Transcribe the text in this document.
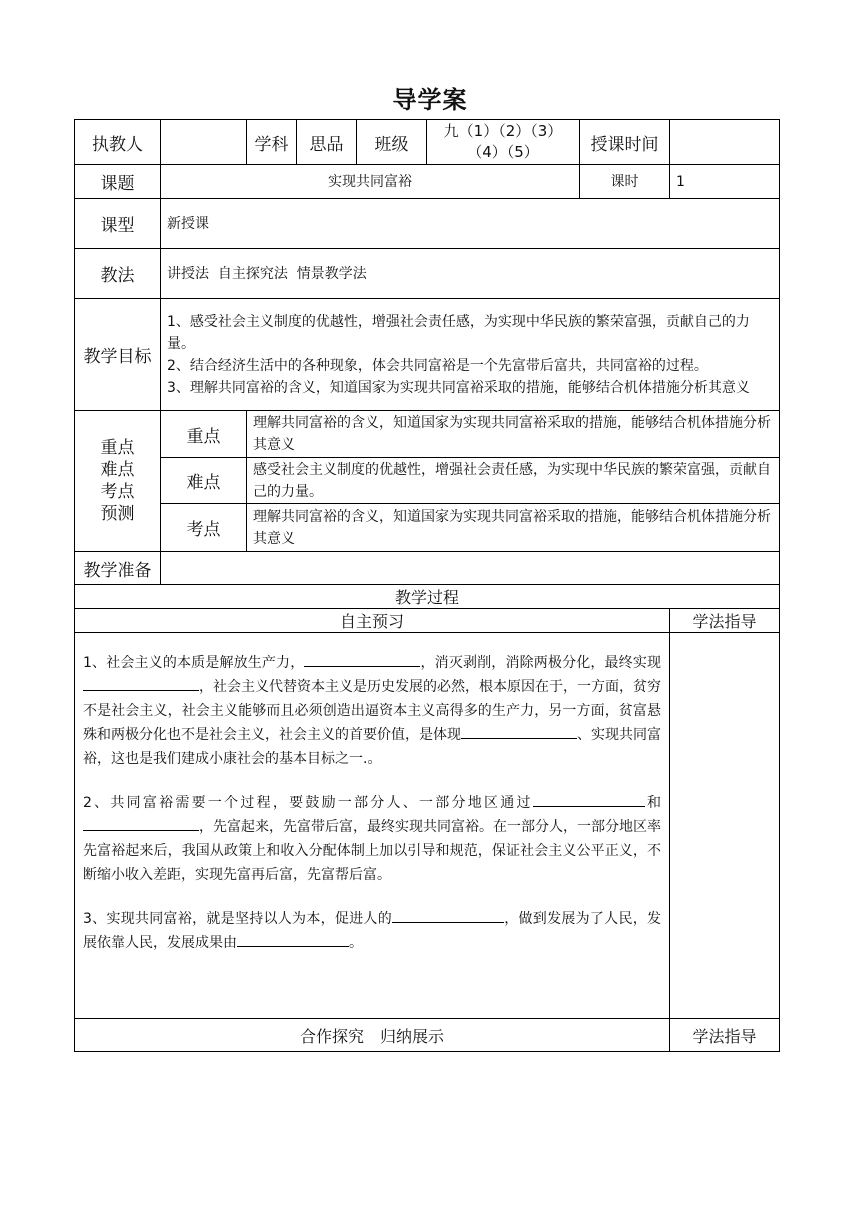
导学案
执教人		学科	思品	班级	九（1）（2）（3）
（4）（5）	授课时间	
课题	实现共同富裕					课时	1
课型	新授课						
教法	讲授法  自主探究法  情景教学法						
教学目标	1、感受社会主义制度的优越性，增强社会责任感，为实现中华民族的繁荣富强，贡献自己的力量。
2、结合经济生活中的各种现象，体会共同富裕是一个先富带后富共，共同富裕的过程。
3、理解共同富裕的含义，知道国家为实现共同富裕采取的措施，能够结合机体措施分析其意义						

重点
难点
考点
预测	重点	理解共同富裕的含义，知道国家为实现共同富裕采取的措施，能够结合机体措施分析其意义					
	难点	感受社会主义制度的优越性，增强社会责任感，为实现中华民族的繁荣富强，贡献自己的力量。					
	考点	理解共同富裕的含义，知道国家为实现共同富裕采取的措施，能够结合机体措施分析其意义					
教学准备							
教学过程							
自主预习							学法指导

1、社会主义的本质是解放生产力， ，消灭剥削，消除两极分化，最终实现，社会主义代替资本主义是历史发展的必然，根本原因在于，一方面，贫穷不是社会主义，社会主义能够而且必须创造出逼资本主义高得多的生产力，另一方面，贫富悬殊和两极分化也不是社会主义，社会主义的首要价值，是体现 、实现共同富裕，这也是我们建成小康社会的基本目标之一.。

2、共同富裕需要一个过程，要鼓励一部分人、一部分地区通过 和，先富起来，先富带后富，最终实现共同富裕。在一部分人，一部分地区率先富裕起来后，我国从政策上和收入分配体制上加以引导和规范，保证社会主义公平正义，不断缩小收入差距，实现先富再后富，先富帮后富。

3、实现共同富裕，就是坚持以人为本，促进人的 ，做到发展为了人民，发展依靠人民，发展成果由 。							

合作探究　归纳展示							学法指导
